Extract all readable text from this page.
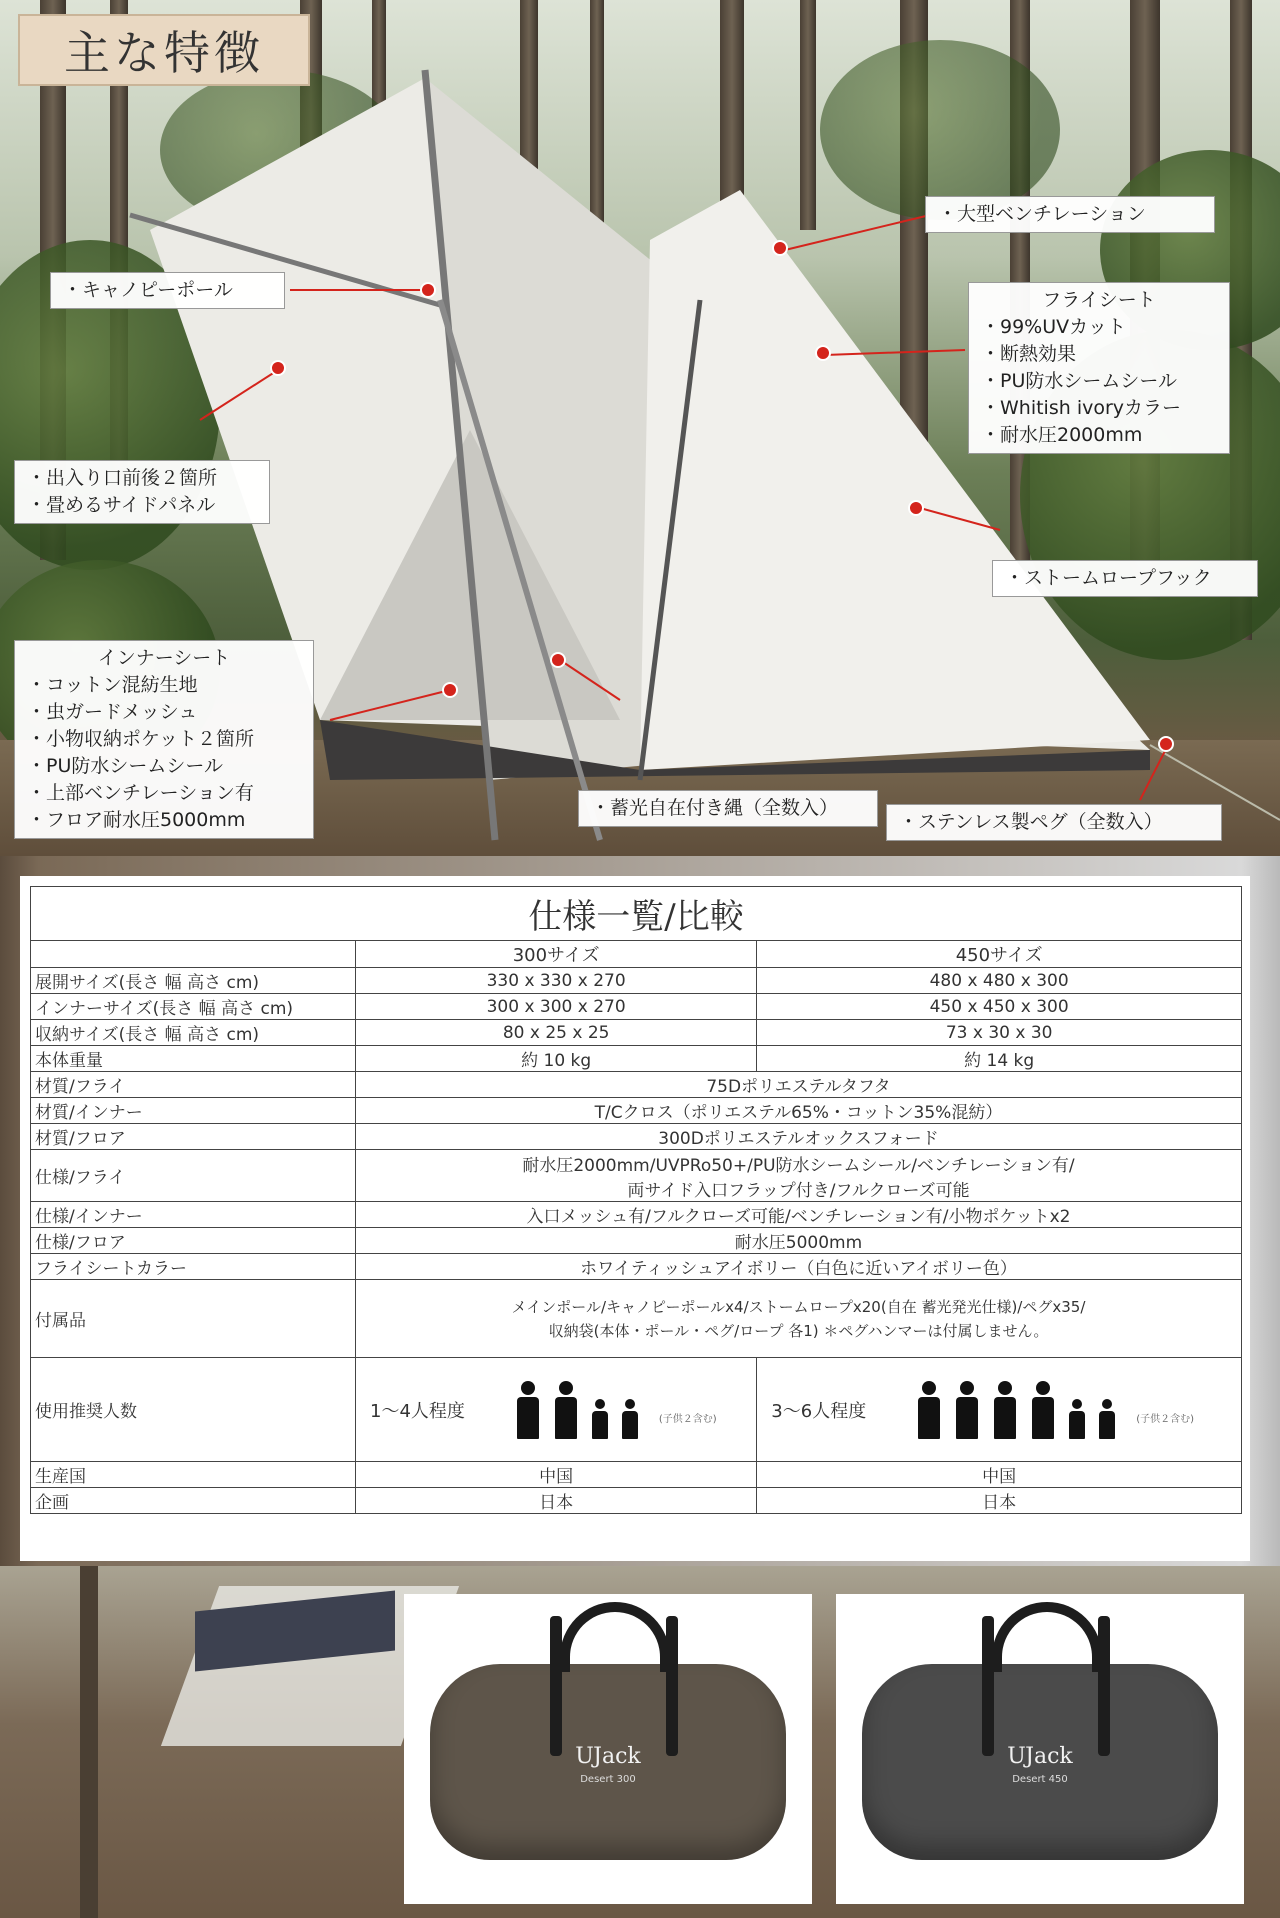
主な特徴
・大型ベンチレーション
・キャノピーポール	フライシート
・99%UVカット
・断熱効果
・PU防水シームシール
・Whitish ivoryカラー
・耐水圧2000mm
・出入り口前後２箇所
・畳めるサイドパネル
・ストームロープフック
インナーシート
・コットン混紡生地
・虫ガードメッシュ
・小物収納ポケット２箇所
・PU防水シームシール
・上部ベンチレーション有
・フロア耐水圧5000mm
・蓄光自在付き縄（全数入）
・ステンレス製ペグ（全数入）
仕様一覧/比較		
	300サイズ	450サイズ
展開サイズ(長さ 幅 高さ cm)	330 x 330 x 270	480 x 480 x 300
インナーサイズ(長さ 幅 高さ cm)	300 x 300 x 270	450 x 450 x 300
収納サイズ(長さ 幅 高さ cm)	80 x 25 x 25	73 x 30 x 30
本体重量	約 10 kg	約 14 kg
材質/フライ	75Dポリエステルタフタ	
材質/インナー	T/Cクロス（ポリエステル65%・コットン35%混紡）	
材質/フロア	300Dポリエステルオックスフォード	
仕様/フライ	耐水圧2000mm/UVPRo50+/PU防水シームシール/ベンチレーション有/
両サイド入口フラップ付き/フルクローズ可能	

仕様/インナー	入口メッシュ有/フルクローズ可能/ベンチレーション有/小物ポケットx2	
仕様/フロア	耐水圧5000mm	
フライシートカラー	ホワイティッシュアイボリー（白色に近いアイボリー色）	
付属品	メインポール/キャノピーポールx4/ストームロープx20(自在 蓄光発光仕様)/ペグx35/
収納袋(本体・ポール・ペグ/ロープ 各1) ＊ペグハンマーは付属しません。	

使用推奨人数	1～4人程度 (子供２含む)	3～6人程度 (子供２含む)

生産国	中国	中国
企画	日本	日本
UJack
Desert 300
UJack
Desert 450
